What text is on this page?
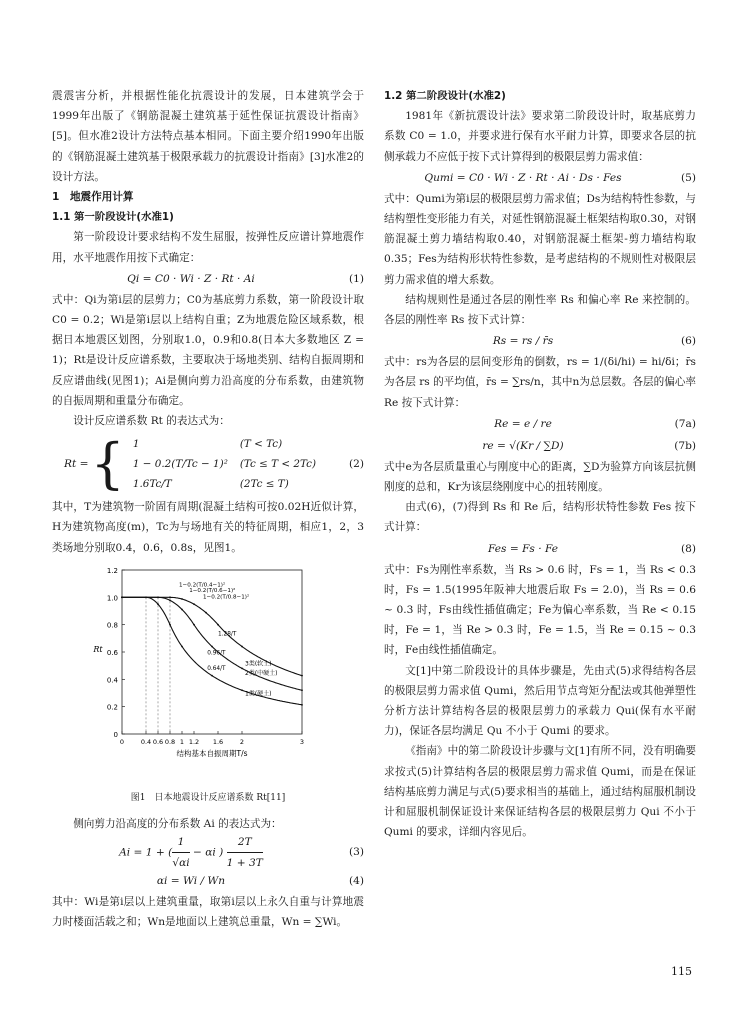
震震害分析，并根据性能化抗震设计的发展，日本建筑学会于1999年出版了《钢筋混凝土建筑基于延性保证抗震设计指南》[5]。但水准2设计方法特点基本相同。下面主要介绍1990年出版的《钢筋混凝土建筑基于极限承载力的抗震设计指南》[3]水准2的设计方法。

1　地震作用计算

1.1 第一阶段设计(水准1)

第一阶段设计要求结构不发生屈服，按弹性反应谱计算地震作用，水平地震作用按下式确定：

Qi = C0 · Wi · Z · Rt · Ai	(1)

式中：Qi为第i层的层剪力；C0为基底剪力系数，第一阶段设计取C0 = 0.2；Wi是第i层以上结构自重；Z为地震危险区域系数，根据日本地震区划图，分别取1.0，0.9和0.8(日本大多数地区 Z = 1)；Rt是设计反应谱系数，主要取决于场地类别、结构自振周期和反应谱曲线(见图1)；Ai是侧向剪力沿高度的分布系数，由建筑物的自振周期和重量分布确定。

设计反应谱系数 Rt 的表达式为：

Rt = { 1	(T < Tc)
1 − 0.2(T/Tc − 1)²	(Tc ≤ T < 2Tc)
1.6Tc/T	(2Tc ≤ T)
(2)

其中，T为建筑物一阶固有周期(混凝土结构可按0.02H近似计算，H为建筑物高度(m)，Tc为与场地有关的特征周期，相应1，2，3类场地分别取0.4，0.6，0.8s，见图1。

1.2
1.0
0.8
0.6
0.4
0.2
0
0	0.4 0.6 0.8 1 1.2 1.6	2	3
结构基本自振周期T/s
Rt
1−0.2(T/0.4−1)²
1−0.2(T/0.6−1)²
1−0.2(T/0.8−1)²
1.28/T
0.96/T
0.64/T
3类(软土)
2类(中硬土)
1类(硬土)
图1　日本地震设计反应谱系数 Rt[11]

侧向剪力沿高度的分布系数 Ai 的表达式为：

Ai = 1 + ( $\frac{1}{√\alpha i} - \alpha i$ ) $\frac{2T}{1 + 3T}$	(3)
αi = Wi / Wn	(4)

其中：Wi是第i层以上建筑重量，取第i层以上永久自重与计算地震力时楼面活载之和；Wn是地面以上建筑总重量，Wn = ∑Wi。

1.2 第二阶段设计(水准2)

1981年《新抗震设计法》要求第二阶段设计时，取基底剪力系数 C0 = 1.0，并要求进行保有水平耐力计算，即要求各层的抗侧承载力不应低于按下式计算得到的极限层剪力需求值：

Qumi = C0 · Wi · Z · Rt · Ai · Ds · Fes	(5)

式中：Qumi为第i层的极限层剪力需求值；Ds为结构特性参数，与结构塑性变形能力有关，对延性钢筋混凝土框架结构取0.30，对钢筋混凝土剪力墙结构取0.40，对钢筋混凝土框架-剪力墙结构取0.35；Fes为结构形状特性参数，是考虑结构的不规则性对极限层剪力需求值的增大系数。

结构规则性是通过各层的刚性率 Rs 和偏心率 Re 来控制的。各层的刚性率 Rs 按下式计算：

Rs = rs / r̄s	(6)

式中：rs为各层的层间变形角的倒数，rs = 1/(δi/hi) = hi/δi；r̄s为各层 rs 的平均值，r̄s = ∑rs/n，其中n为总层数。各层的偏心率 Re 按下式计算：

Re = e / re	(7a)
re = √(Kr / ∑D)	(7b)

式中e为各层质量重心与刚度中心的距离，∑D为验算方向该层抗侧刚度的总和，Kr为该层绕刚度中心的扭转刚度。

由式(6)，(7)得到 Rs 和 Re 后，结构形状特性参数 Fes 按下式计算：

Fes = Fs · Fe	(8)

式中：Fs为刚性率系数，当 Rs > 0.6 时，Fs = 1，当 Rs < 0.3 时，Fs = 1.5(1995年阪神大地震后取 Fs = 2.0)，当 Rs = 0.6 ~ 0.3 时，Fs由线性插值确定；Fe为偏心率系数，当 Re < 0.15 时，Fe = 1，当 Re > 0.3 时，Fe = 1.5，当 Re = 0.15 ~ 0.3 时，Fe由线性插值确定。

文[1]中第二阶段设计的具体步骤是，先由式(5)求得结构各层的极限层剪力需求值 Qumi，然后用节点弯矩分配法或其他弹塑性分析方法计算结构各层的极限层剪力的承载力 Qui(保有水平耐力)，保证各层均满足 Qu 不小于 Qumi 的要求。

《指南》中的第二阶段设计步骤与文[1]有所不同，没有明确要求按式(5)计算结构各层的极限层剪力需求值 Qumi，而是在保证结构基底剪力满足与式(5)要求相当的基础上，通过结构屈服机制设计和屈服机制保证设计来保证结构各层的极限层剪力 Qui 不小于 Qumi 的要求，详细内容见后。

115
